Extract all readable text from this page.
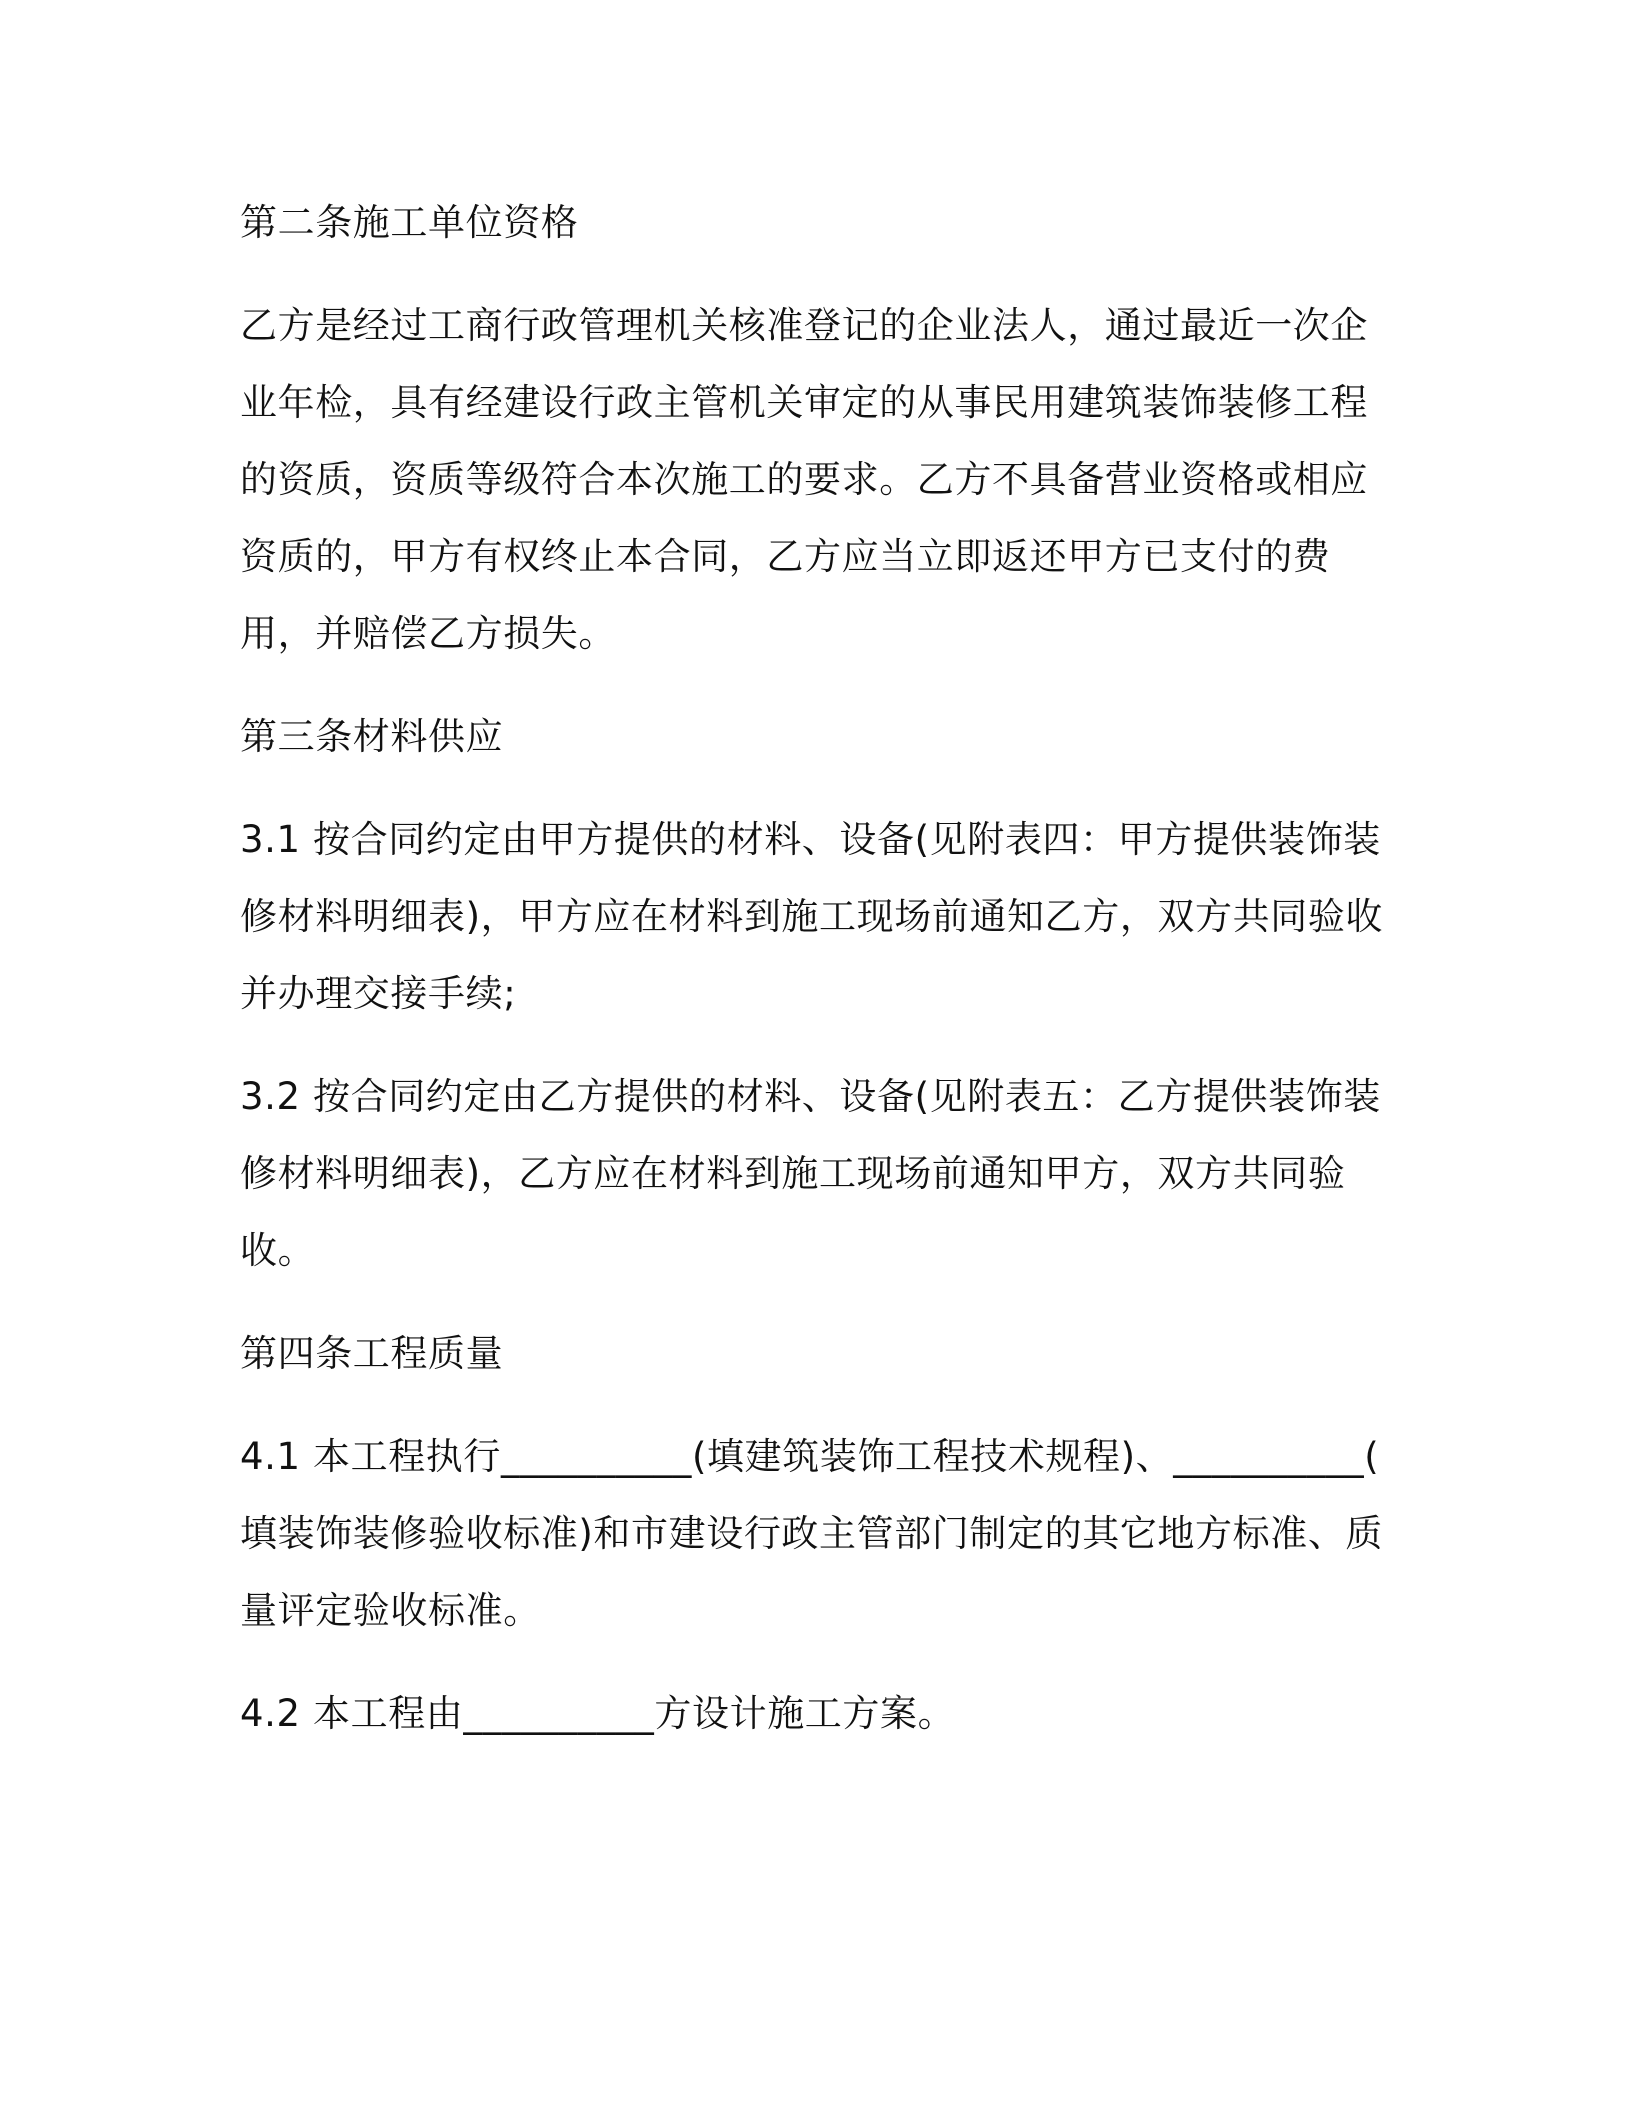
第二条施工单位资格
乙方是经过工商行政管理机关核准登记的企业法人，通过最近一次企
业年检，具有经建设行政主管机关审定的从事民用建筑装饰装修工程
的资质，资质等级符合本次施工的要求。乙方不具备营业资格或相应
资质的，甲方有权终止本合同，乙方应当立即返还甲方已支付的费
用，并赔偿乙方损失。
第三条材料供应
3.1 按合同约定由甲方提供的材料、设备(见附表四：甲方提供装饰装
修材料明细表)，甲方应在材料到施工现场前通知乙方，双方共同验收
并办理交接手续;
3.2 按合同约定由乙方提供的材料、设备(见附表五：乙方提供装饰装
修材料明细表)，乙方应在材料到施工现场前通知甲方，双方共同验
收。
第四条工程质量
4.1 本工程执行__________(填建筑装饰工程技术规程)、__________(
填装饰装修验收标准)和市建设行政主管部门制定的其它地方标准、质
量评定验收标准。
4.2 本工程由__________方设计施工方案。
